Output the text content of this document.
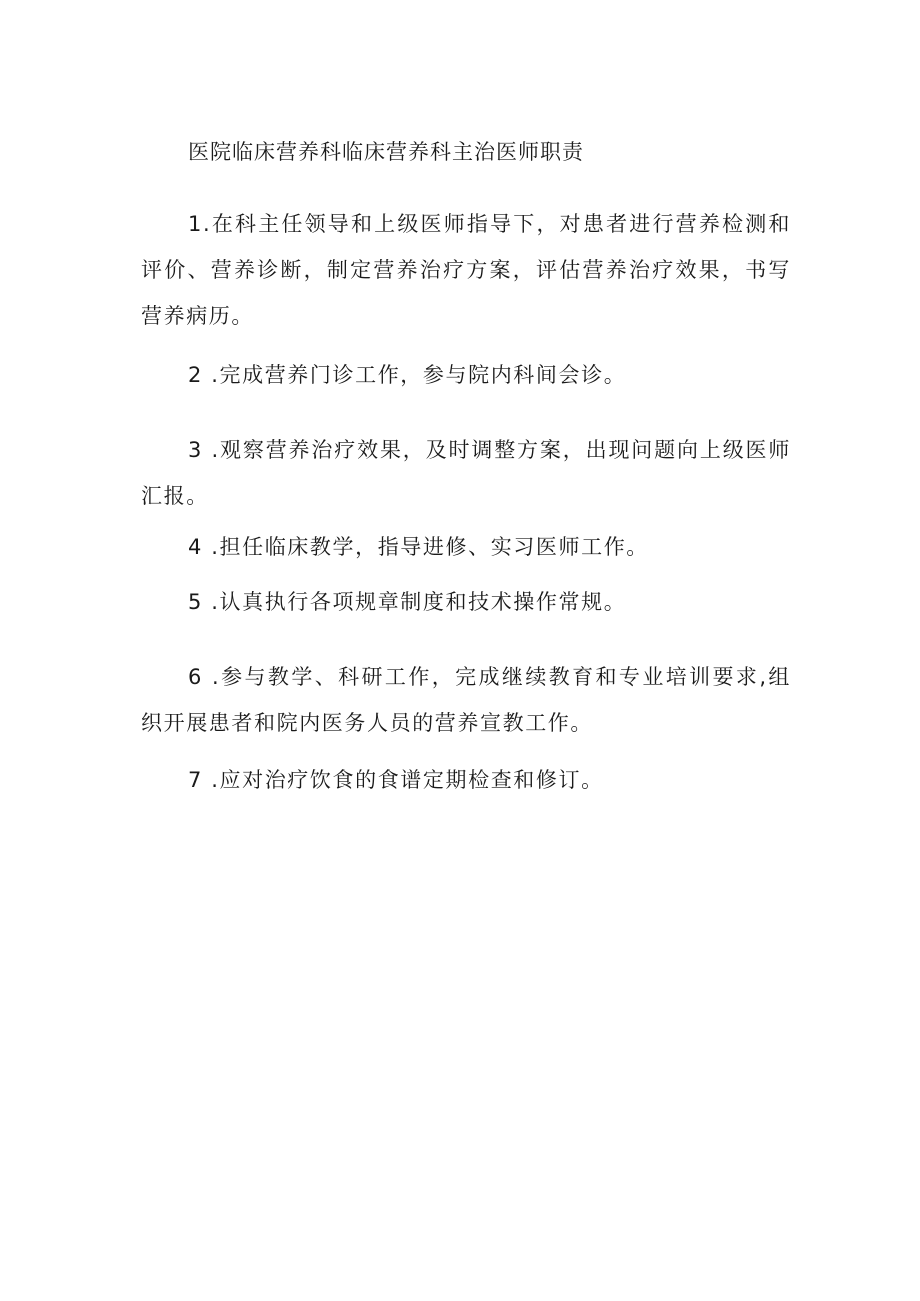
医院临床营养科临床营养科主治医师职责

1.在科主任领导和上级医师指导下，对患者进行营养检测和评价、营养诊断，制定营养治疗方案，评估营养治疗效果，书写营养病历。

2 .完成营养门诊工作，参与院内科间会诊。

3 .观察营养治疗效果，及时调整方案，出现问题向上级医师汇报。

4 .担任临床教学，指导进修、实习医师工作。

5 .认真执行各项规章制度和技术操作常规。

6 .参与教学、科研工作，完成继续教育和专业培训要求,组织开展患者和院内医务人员的营养宣教工作。

7 .应对治疗饮食的食谱定期检查和修订。
